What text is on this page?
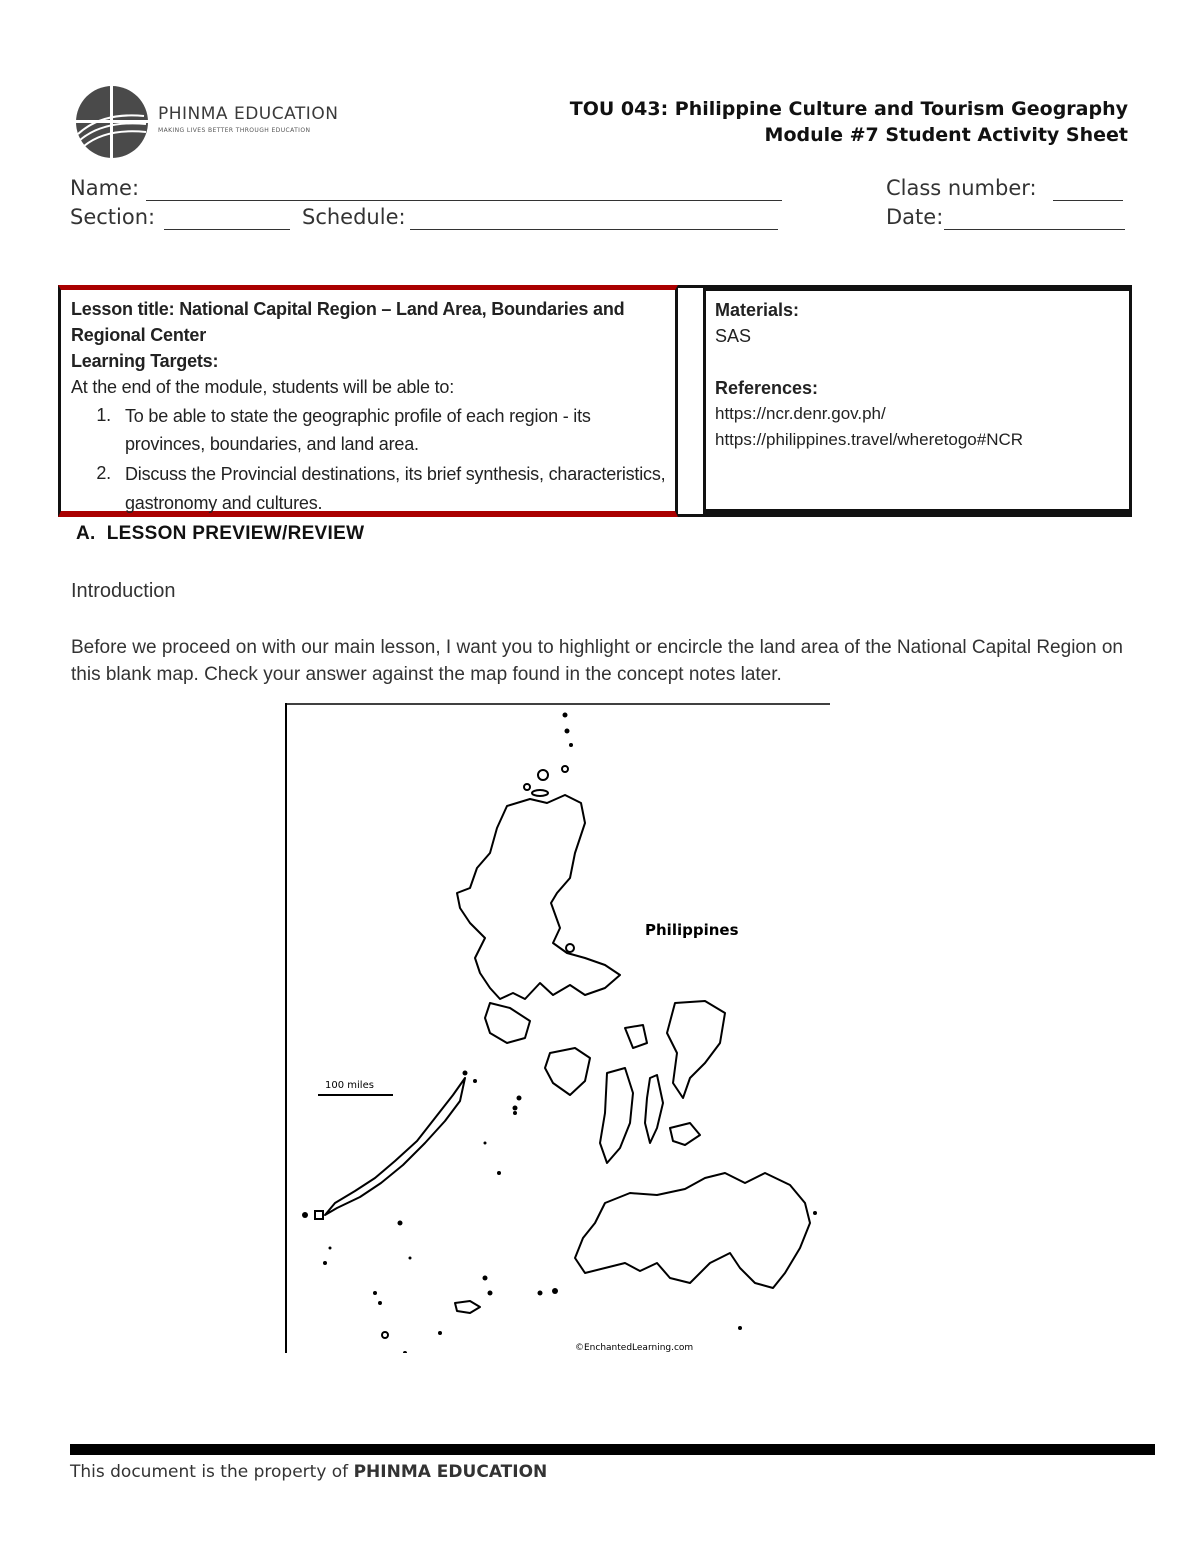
PHINMA EDUCATION
MAKING LIVES BETTER THROUGH EDUCATION
TOU 043: Philippine Culture and Tourism Geography
Module #7 Student Activity Sheet
Name:	Class number:
Section:	Schedule:	Date:
Lesson title: National Capital Region – Land Area, Boundaries and Regional Center
Learning Targets:
At the end of the module, students will be able to:
1. To be able to state the geographic profile of each region - its provinces, boundaries, and land area.
2. Discuss the Provincial destinations, its brief synthesis, characteristics, gastronomy and cultures.
Materials:
SAS
References:
https://ncr.denr.gov.ph/
https://philippines.travel/wheretogo#NCR
A.  LESSON PREVIEW/REVIEW
Introduction
Before we proceed on with our main lesson, I want you to highlight or encircle the land area of the National Capital Region on this blank map. Check your answer against the map found in the concept notes later.
Philippines
100 miles
©EnchantedLearning.com
This document is the property of PHINMA EDUCATION
